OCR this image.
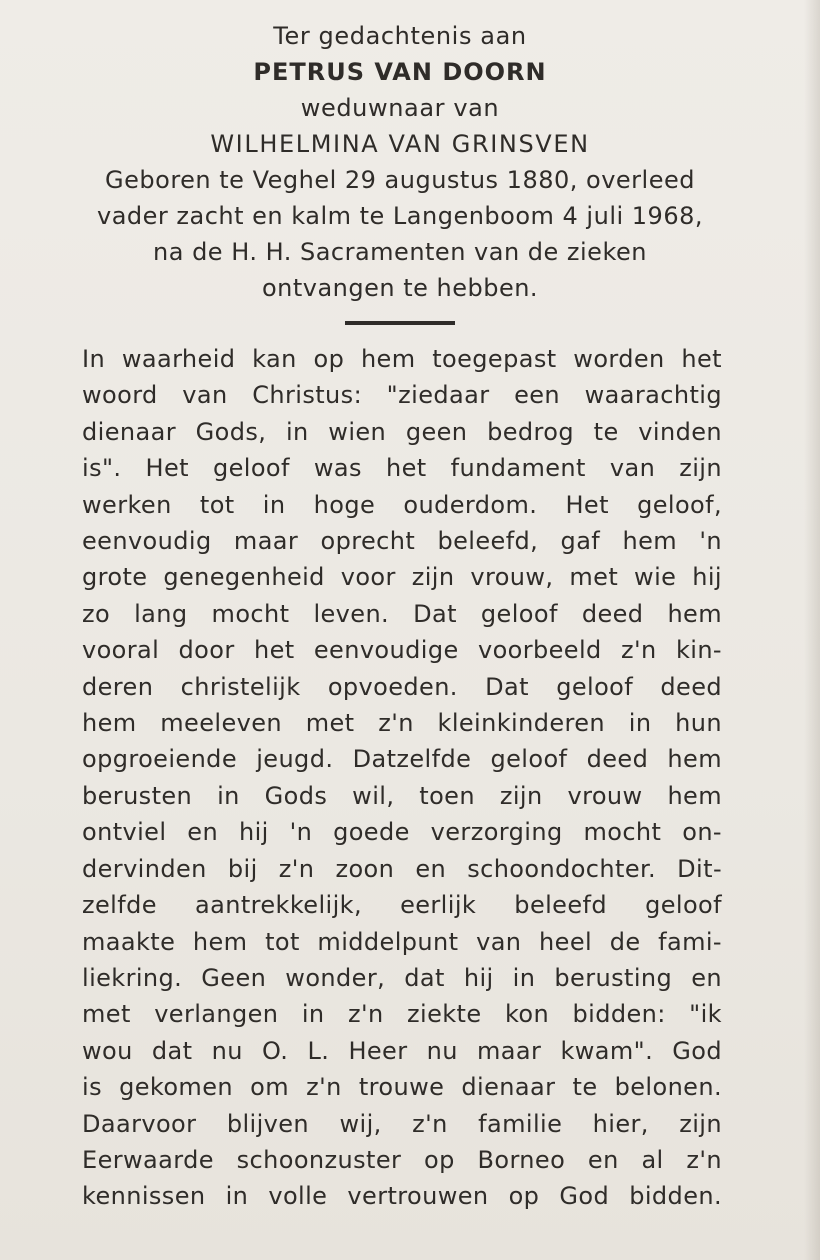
Ter gedachtenis aan
PETRUS VAN DOORN
weduwnaar van
WILHELMINA VAN GRINSVEN
Geboren te Veghel 29 augustus 1880, overleed
vader zacht en kalm te Langenboom 4 juli 1968,
na de H. H. Sacramenten van de zieken
ontvangen te hebben.
In waarheid kan op hem toegepast worden het
woord van Christus: "ziedaar een waarachtig
dienaar Gods, in wien geen bedrog te vinden
is". Het geloof was het fundament van zijn
werken tot in hoge ouderdom. Het geloof,
eenvoudig maar oprecht beleefd, gaf hem 'n
grote genegenheid voor zijn vrouw, met wie hij
zo lang mocht leven. Dat geloof deed hem
vooral door het eenvoudige voorbeeld z'n kin-
deren christelijk opvoeden. Dat geloof deed
hem meeleven met z'n kleinkinderen in hun
opgroeiende jeugd. Datzelfde geloof deed hem
berusten in Gods wil, toen zijn vrouw hem
ontviel en hij 'n goede verzorging mocht on-
dervinden bij z'n zoon en schoondochter. Dit-
zelfde aantrekkelijk, eerlijk beleefd geloof
maakte hem tot middelpunt van heel de fami-
liekring. Geen wonder, dat hij in berusting en
met verlangen in z'n ziekte kon bidden: "ik
wou dat nu O. L. Heer nu maar kwam". God
is gekomen om z'n trouwe dienaar te belonen.
Daarvoor blijven wij, z'n familie hier, zijn
Eerwaarde schoonzuster op Borneo en al z'n
kennissen in volle vertrouwen op God bidden.
